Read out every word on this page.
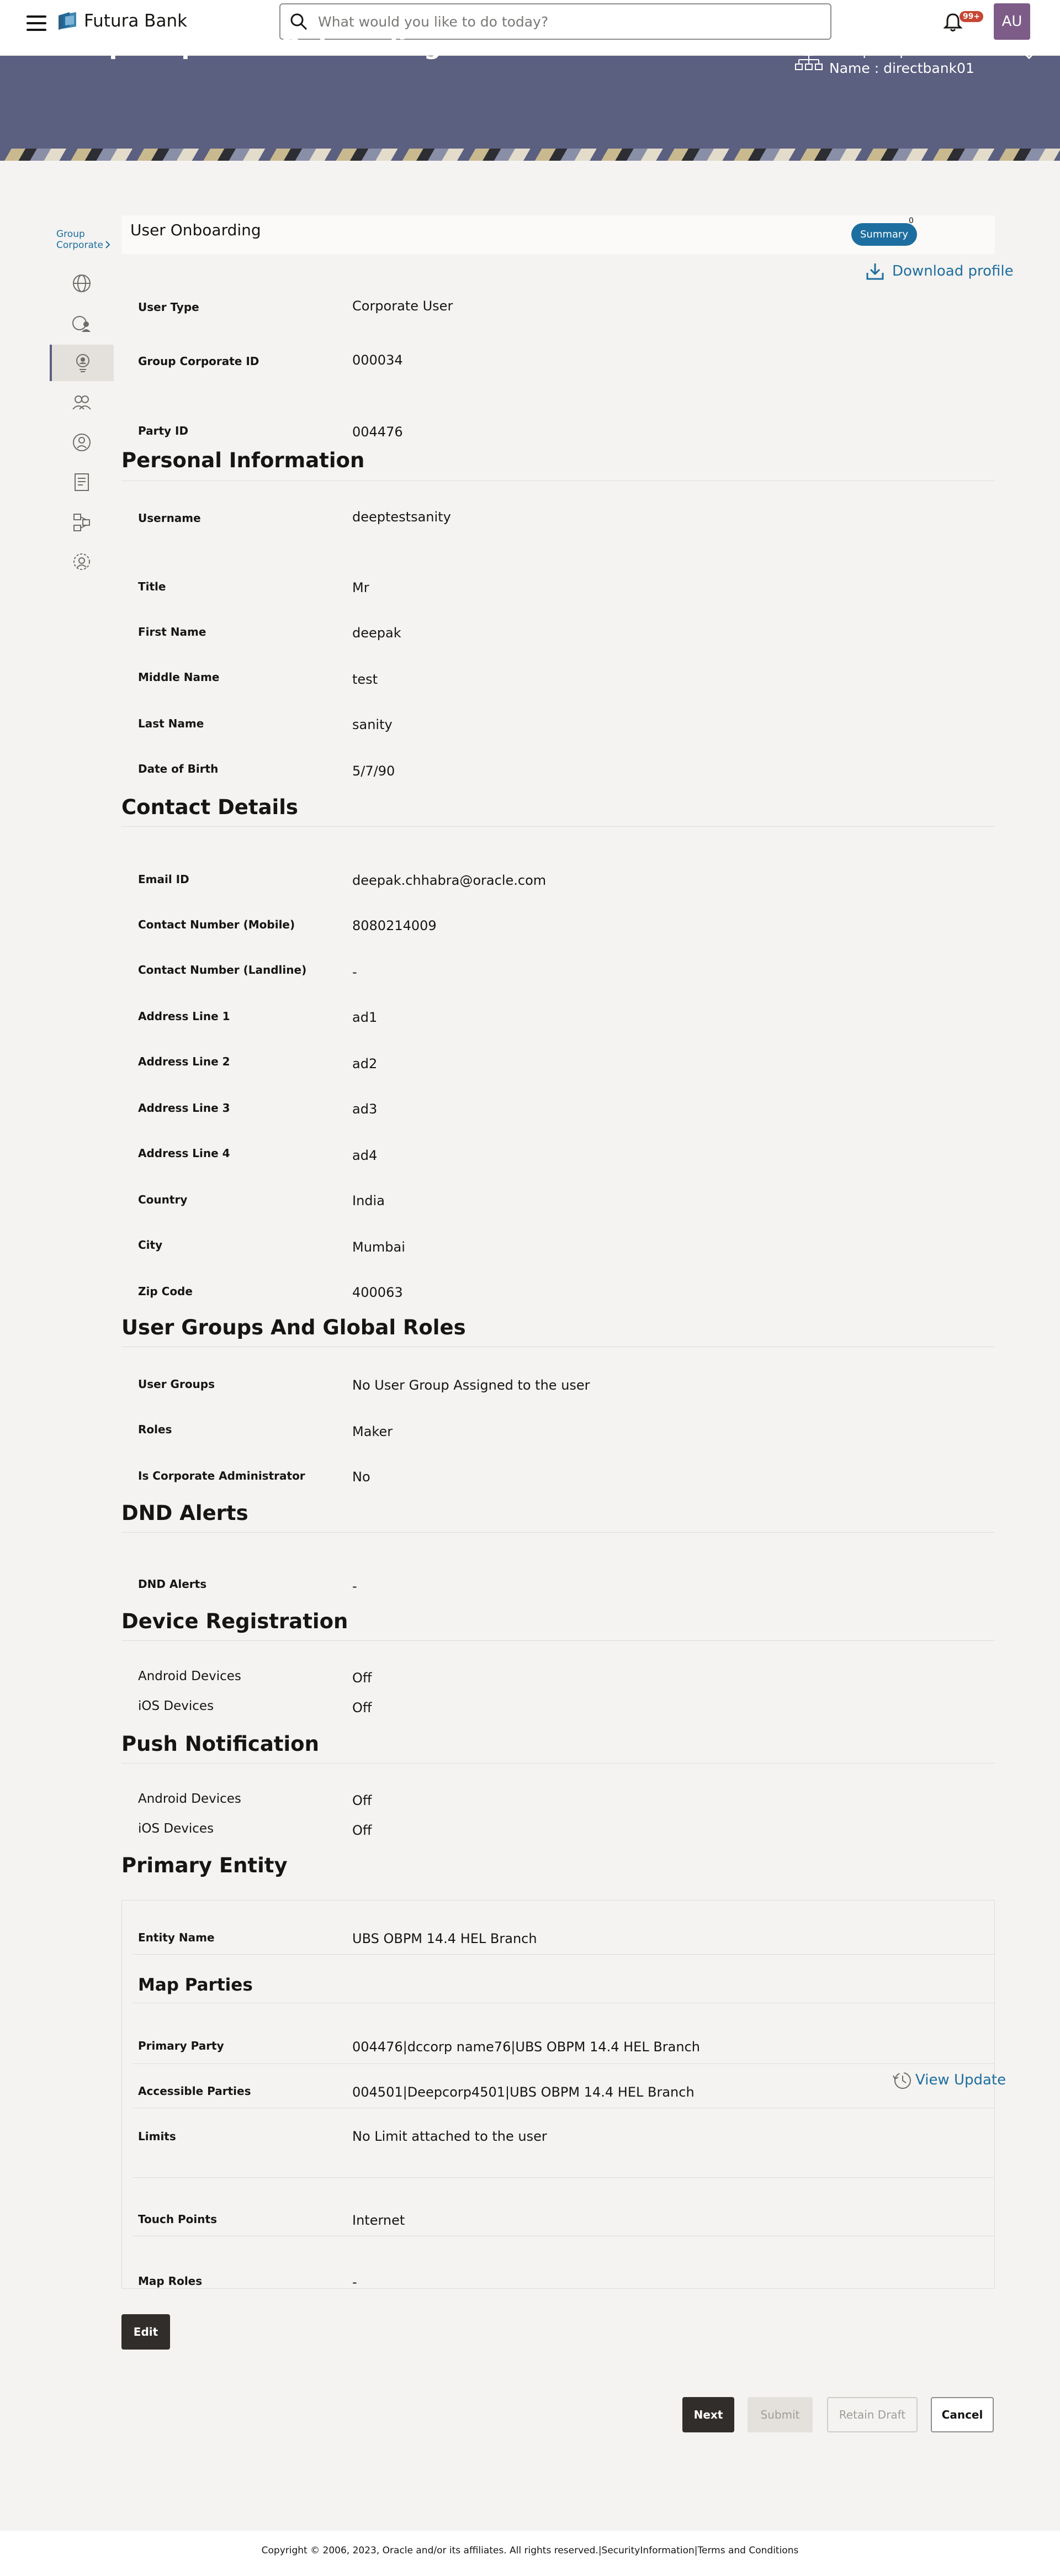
Futura Bank	What would you like to do today?	99+	AU
Group Corporate Onboarding	Group Corporate ID : 000034
Name : directbank01
Group
Corporate
User Onboarding	Summary
0
Download profile
User Type	Corporate User
Group Corporate ID	000034
Party ID	004476
Personal Information
Username	deeptestsanity
Title	Mr
First Name	deepak
Middle Name	test
Last Name	sanity
Date of Birth	5/7/90
Contact Details
Email ID	deepak.chhabra@oracle.com
Contact Number (Mobile)	8080214009
Contact Number (Landline)	-
Address Line 1	ad1
Address Line 2	ad2
Address Line 3	ad3
Address Line 4	ad4
Country	India
City	Mumbai
Zip Code	400063
User Groups And Global Roles
User Groups	No User Group Assigned to the user
Roles	Maker
Is Corporate Administrator	No
DND Alerts
DND Alerts	-
Device Registration
Android Devices	Off
iOS Devices	Off
Push Notification
Android Devices	Off
iOS Devices	Off
Primary Entity
Entity Name	UBS OBPM 14.4 HEL Branch
Map Parties
Primary Party	004476|dccorp name76|UBS OBPM 14.4 HEL Branch
Accessible Parties	004501|Deepcorp4501|UBS OBPM 14.4 HEL Branch
View Update
Limits	No Limit attached to the user
Touch Points	Internet
Map Roles	-
Edit
Next	Submit	Retain Draft	Cancel
Copyright © 2006, 2023, Oracle and/or its affiliates. All rights reserved.|SecurityInformation|Terms and Conditions
